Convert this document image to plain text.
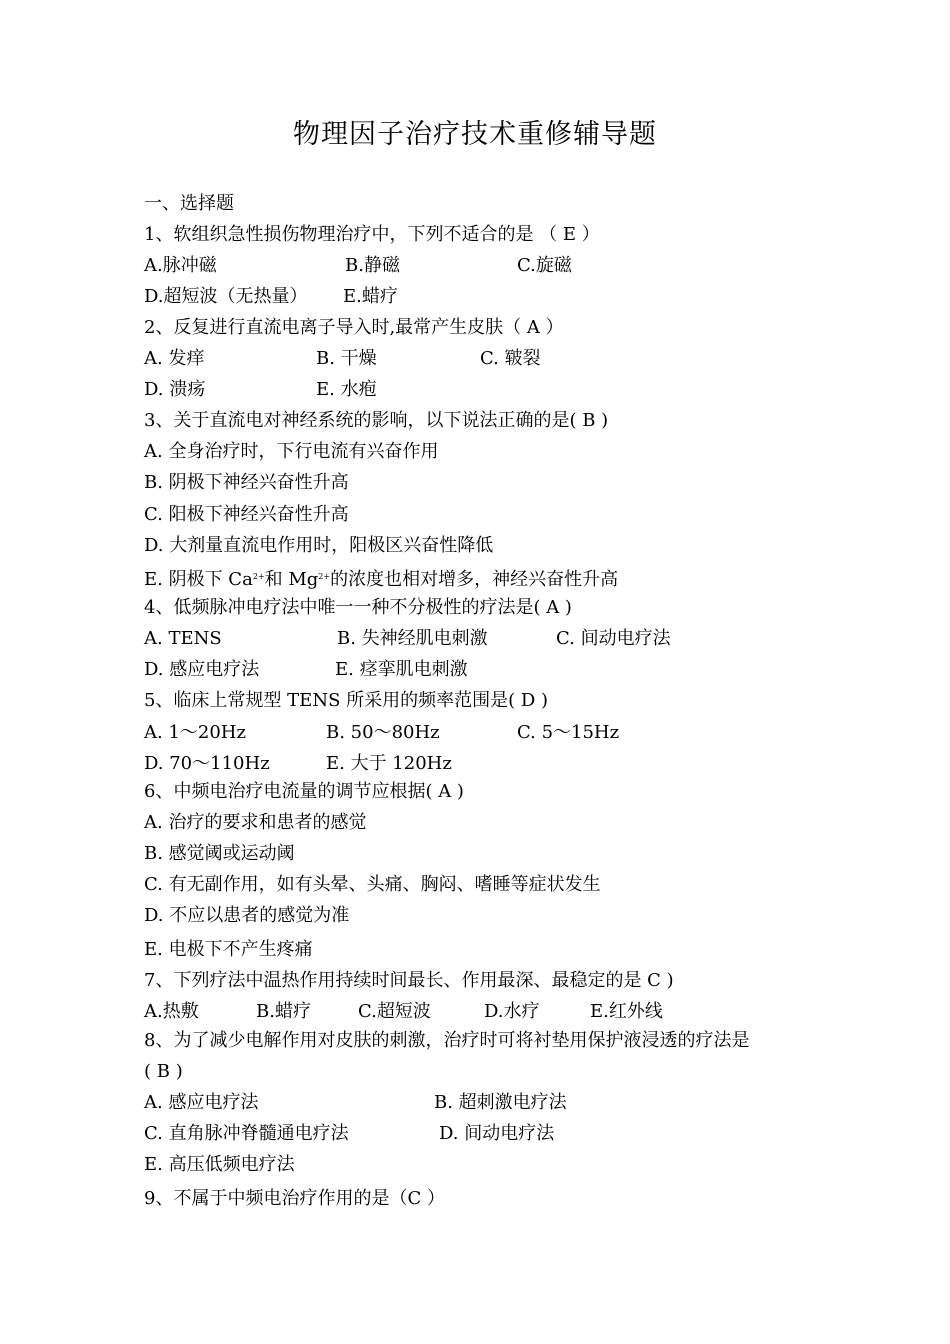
物理因子治疗技术重修辅导题
一、选择题
1、软组织急性损伤物理治疗中，下列不适合的是 （ E ）
A.脉冲磁	B.静磁	C.旋磁
D.超短波（无热量） E.蜡疗
2、反复进行直流电离子导入时,最常产生皮肤（ A ）
A. 发痒	B. 干燥	C. 皲裂
D. 溃疡	E. 水疱
3、关于直流电对神经系统的影响，以下说法正确的是( B )
A. 全身治疗时，下行电流有兴奋作用
B. 阴极下神经兴奋性升高
C. 阳极下神经兴奋性升高
D. 大剂量直流电作用时，阳极区兴奋性降低
E. 阴极下 $Ca^{2+}$和 $Mg^{2+}$的浓度也相对增多，神经兴奋性升高
4、低频脉冲电疗法中唯一一种不分极性的疗法是( A )
A. TENS	B. 失神经肌电刺激	C. 间动电疗法
D. 感应电疗法	E. 痉挛肌电刺激
5、临床上常规型 TENS 所采用的频率范围是( D )
A. 1～20Hz	B. 50～80Hz	C. 5～15Hz
D. 70～110Hz	E. 大于 120Hz
6、中频电治疗电流量的调节应根据( A )
A. 治疗的要求和患者的感觉
B. 感觉阈或运动阈
C. 有无副作用，如有头晕、头痛、胸闷、嗜睡等症状发生
D. 不应以患者的感觉为准
E. 电极下不产生疼痛
7、下列疗法中温热作用持续时间最长、作用最深、最稳定的是 C )
A.热敷	B.蜡疗	C.超短波	D.水疗	E.红外线
8、为了减少电解作用对皮肤的刺激，治疗时可将衬垫用保护液浸透的疗法是
( B )
A. 感应电疗法	B. 超刺激电疗法
C. 直角脉冲脊髓通电疗法	D. 间动电疗法
E. 高压低频电疗法
9、不属于中频电治疗作用的是（C ）
